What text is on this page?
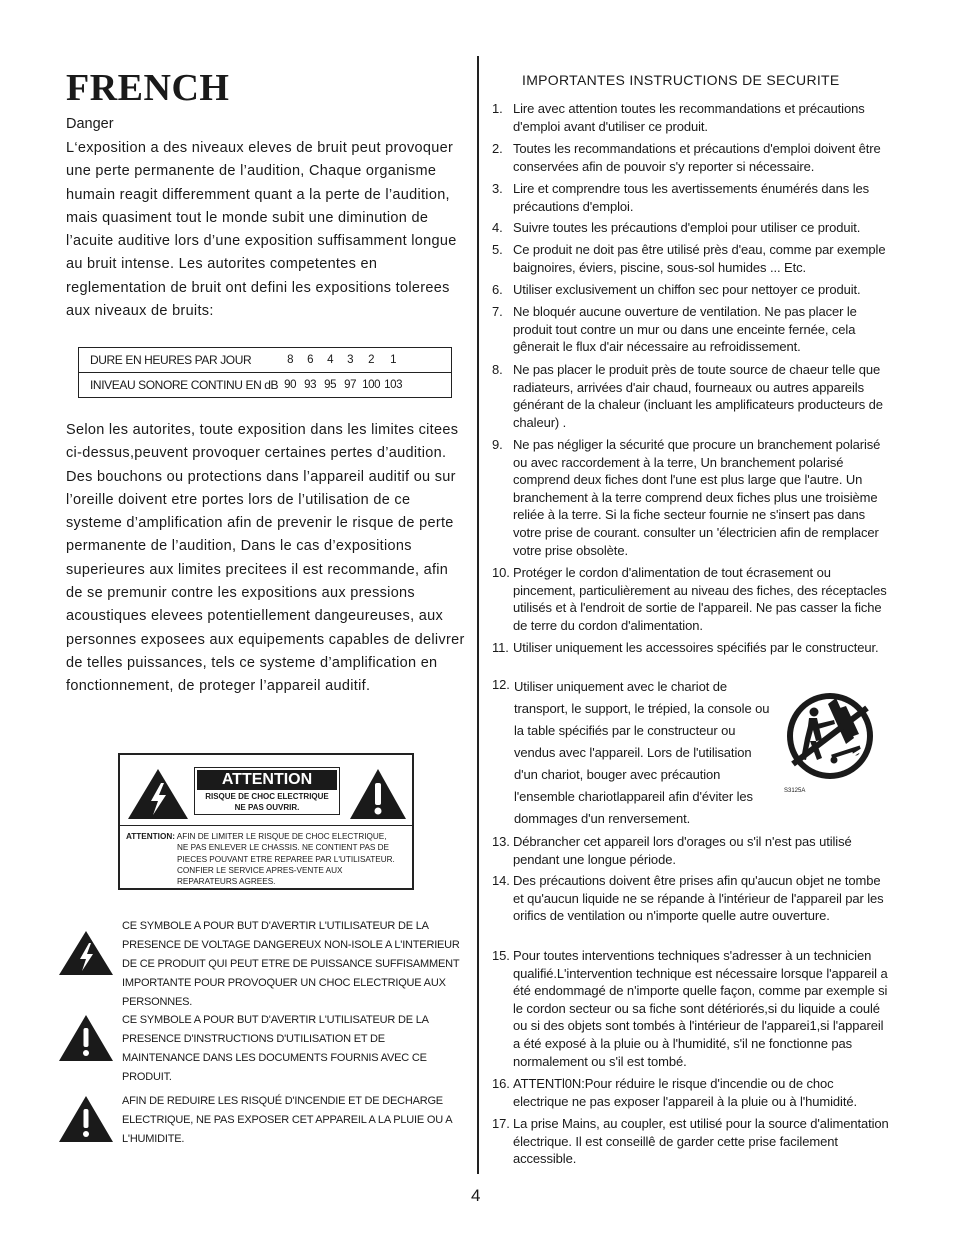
FRENCH
Danger

L‘exposition a des niveaux eleves de bruit peut provoquer une perte permanente de l’audition, Chaque organisme humain reagit differemment quant a la perte de l’audition, mais quasiment tout le monde subit une diminution de l’acuite auditive lors d’une exposition suffisamment longue au bruit intense. Les autorites competentes en reglementation de bruit ont defini les expositions tolerees aux niveaux de bruits:

DURE EN HEURES PAR JOUR	8	6	4	3	2	1	
INIVEAU SONORE CONTINU EN dB	90	93	95	97	100	103	

Selon les autorites, toute exposition dans les limites citees ci-dessus,peuvent provoquer certaines pertes d’audition. Des bouchons ou protections dans l’appareil auditif ou sur l’oreille doivent etre portes lors de l’utilisation de ce systeme d’amplification afin de prevenir le risque de perte permanente de l’audition, Dans le cas d’expositions superieures aux limites precitees il est recommande, afin de se premunir contre les expositions aux pressions acoustiques elevees potentiellement dangeureuses, aux personnes exposees aux equipements capables de delivrer de telles puissances, tels ce systeme d’amplification en fonctionnement, de proteger l’appareil auditif.

ATTENTION
RISQUE DE CHOC ELECTRIQUE
NE PAS OUVRIR.
ATTENTION: AFIN DE LIMITER LE RISQUE DE CHOC ELECTRIQUE,
NE PAS ENLEVER LE CHASSIS. NE CONTIENT PAS DE
PIECES POUVANT ETRE REPAREE PAR L'UTILISATEUR.
CONFIER LE SERVICE APRES-VENTE AUX
REPARATEURS AGREES.

CE SYMBOLE A POUR BUT D'AVERTIR L'UTILISATEUR DE LA PRESENCE DE VOLTAGE DANGEREUX NON-ISOLE A L'INTERIEUR DE CE PRODUIT QUI PEUT ETRE DE PUISSANCE SUFFISAMMENT IMPORTANTE POUR PROVOQUER UN CHOC ELECTRIQUE AUX PERSONNES.

CE SYMBOLE A POUR BUT D'AVERTIR L'UTILISATEUR DE LA PRESENCE D'INSTRUCTIONS D'UTILISATION ET DE MAINTENANCE DANS LES DOCUMENTS FOURNIS AVEC CE PRODUIT.

AFIN DE REDUIRE LES RISQUÉ D'INCENDIE ET DE DECHARGE ELECTRIQUE, NE PAS EXPOSER CET APPAREIL A LA PLUIE OU A L'HUMIDITE.

IMPORTANTES INSTRUCTIONS DE SECURITE
1. Lire avec attention toutes les recommandations et précautions d'emploi avant d'utiliser ce produit.
2. Toutes les recommandations et précautions d'emploi doivent être conservées afin de pouvoir s'y reporter si nécessaire.
3. Lire et comprendre tous les avertissements énumérés dans les précautions d'emploi.
4. Suivre toutes les précautions d'emploi pour utiliser ce produit.
5. Ce produit ne doit pas être utilisé près d'eau, comme par exemple baignoires, éviers, piscine, sous-sol humides ... Etc.
6. Utiliser exclusivement un chiffon sec pour nettoyer ce produit.
7. Ne bloquér aucune ouverture de ventilation. Ne pas placer le produit tout contre un mur ou dans une enceinte fernée, cela gênerait le flux d'air nécessaire au refroidissement.
8. Ne pas placer le produit près de toute source de chaeur telle que radiateurs, arrivées d'air chaud, fourneaux ou autres appareils générant de la chaleur (incluant les amplificateurs producteurs de chaleur) .
9. Ne pas négliger la sécurité que procure un branchement polarisé ou avec raccordement à la terre, Un branchement polarisé comprend deux fiches dont l'une est plus large que l'autre. Un branchement à la terre comprend deux fiches plus une troisième reliée à la terre. Si la fiche secteur fournie ne s'insert pas dans votre prise de courant. consulter un 'électricien afin de remplacer votre prise obsolète.
10. Protéger le cordon d'alimentation de tout écrasement ou pincement, particulièrement au niveau des fiches, des réceptacles utilisés et à l'endroit de sortie de l'appareil. Ne pas casser la fiche de terre du cordon d'alimentation.
11. Utiliser uniquement les accessoires spécifiés par le constructeur.
12. Utiliser uniquement avec le chariot de transport, le support, le trépied, la console ou la table spécifiés par le constructeur ou vendus avec l'appareil. Lors de l'utilisation d'un chariot, bouger avec précaution l'ensemble chariotlappareil afin d'éviter les dommages d'un renversement.
13. Débrancher cet appareil lors d'orages ou s'il n'est pas utilisé pendant une longue période.
14. Des précautions doivent être prises afin qu'aucun objet ne tombe et qu'aucun liquide ne se répande à l'intérieur de l'appareil par les orifics de ventilation ou n'importe quelle autre ouverture.
15. Pour toutes interventions techniques s'adresser à un technicien qualifié.L'intervention technique est nécessaire lorsque l'appareil a été endommagé de n'importe quelle façon, comme par exemple si le cordon secteur ou sa fiche sont détériorés,si du liquide a coulé ou si des objets sont tombés à l'intérieur de l'apparei1,si l'appareil a été exposé à la pluie ou à l'humidité, s'il ne fonctionne pas normalement ou s'il est tombé.
16. ATTENTl0N:Pour réduire le risque d'incendie ou de choc electrique ne pas exposer l'appareil à la pluie ou à l'humidité.
17. La prise Mains, au coupler, est utilisé pour la source d'alimentation électrique. Il est conseillê de garder cette prise facilement accessible.
S3125A
4
